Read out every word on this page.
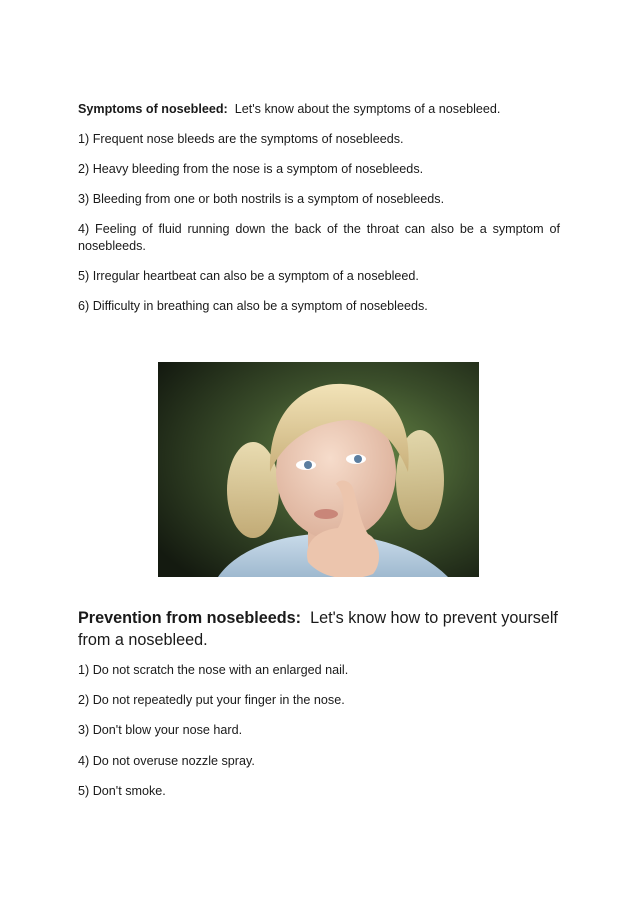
Symptoms of nosebleed: Let's know about the symptoms of a nosebleed.

1) Frequent nose bleeds are the symptoms of nosebleeds.

2) Heavy bleeding from the nose is a symptom of nosebleeds.

3) Bleeding from one or both nostrils is a symptom of nosebleeds.

4) Feeling of fluid running down the back of the throat can also be a symptom of nosebleeds.

5) Irregular heartbeat can also be a symptom of a nosebleed.

6) Difficulty in breathing can also be a symptom of nosebleeds.

Prevention from nosebleeds: Let's know how to prevent yourself from a nosebleed.

1) Do not scratch the nose with an enlarged nail.

2) Do not repeatedly put your finger in the nose.

3) Don't blow your nose hard.

4) Do not overuse nozzle spray.

5) Don't smoke.
